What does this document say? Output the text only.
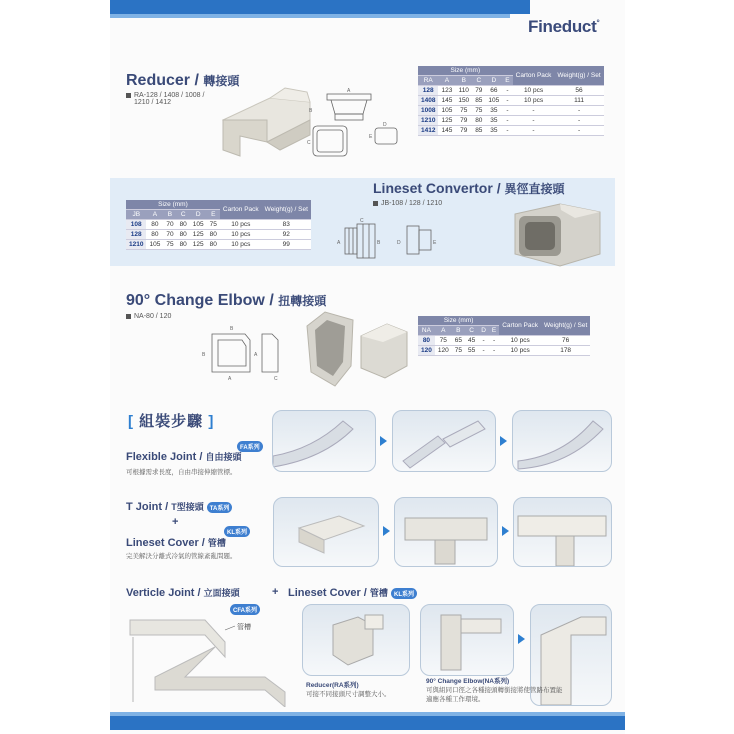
Fineduct°
Reducer / 轉接頭
RA-128 / 1408 / 1008 /
1210 / 1412
A
B
C
D
E
Size (mm)						Carton Pack	Weight(g) / Set
RA	A	B	C	D	E		
128	123	110	79	66	-	10 pcs	56
1408	145	150	85	105	-	10 pcs	111
1008	105	75	75	35	-	-	-
1210	125	79	80	35	-	-	-
1412	145	79	85	35	-	-	-
Size (mm)						Carton Pack	Weight(g) / Set
JB	A	B	C	D	E		
108	80	70	80	105	75	10 pcs	83
128	80	70	80	125	80	10 pcs	92
1210	105	75	80	125	80	10 pcs	99
Lineset Convertor / 異徑直接頭
JB-108 / 128 / 1210
C
A	B	D	E
90° Change Elbow / 扭轉接頭
NA-80 / 120
B
B	A
A	C
Size (mm)						Carton Pack	Weight(g) / Set
NA	A	B	C	D	E		
80	75	65	45	-	-	10 pcs	76
120	120	75	55	-	-	10 pcs	178
[ 組裝步驟 ]
FA系列
Flexible Joint / 自由接頭
可根據需求長度，自由串接伸縮管標。
T Joint / T型接頭 TA系列
+
KL系列
Lineset Cover / 管槽
完美解決分離式冷氣的管線紊亂問題。
Verticle Joint / 立面接頭	+ Lineset Cover / 管槽 KL系列
CFA系列
管槽
Reducer(RA系列)
可接不同接頭尺寸調整大小。
90° Change Elbow(NA系列)
可與組同口徑之各種接頭轉銜接將使管路布置能
適應各種工作環境。
